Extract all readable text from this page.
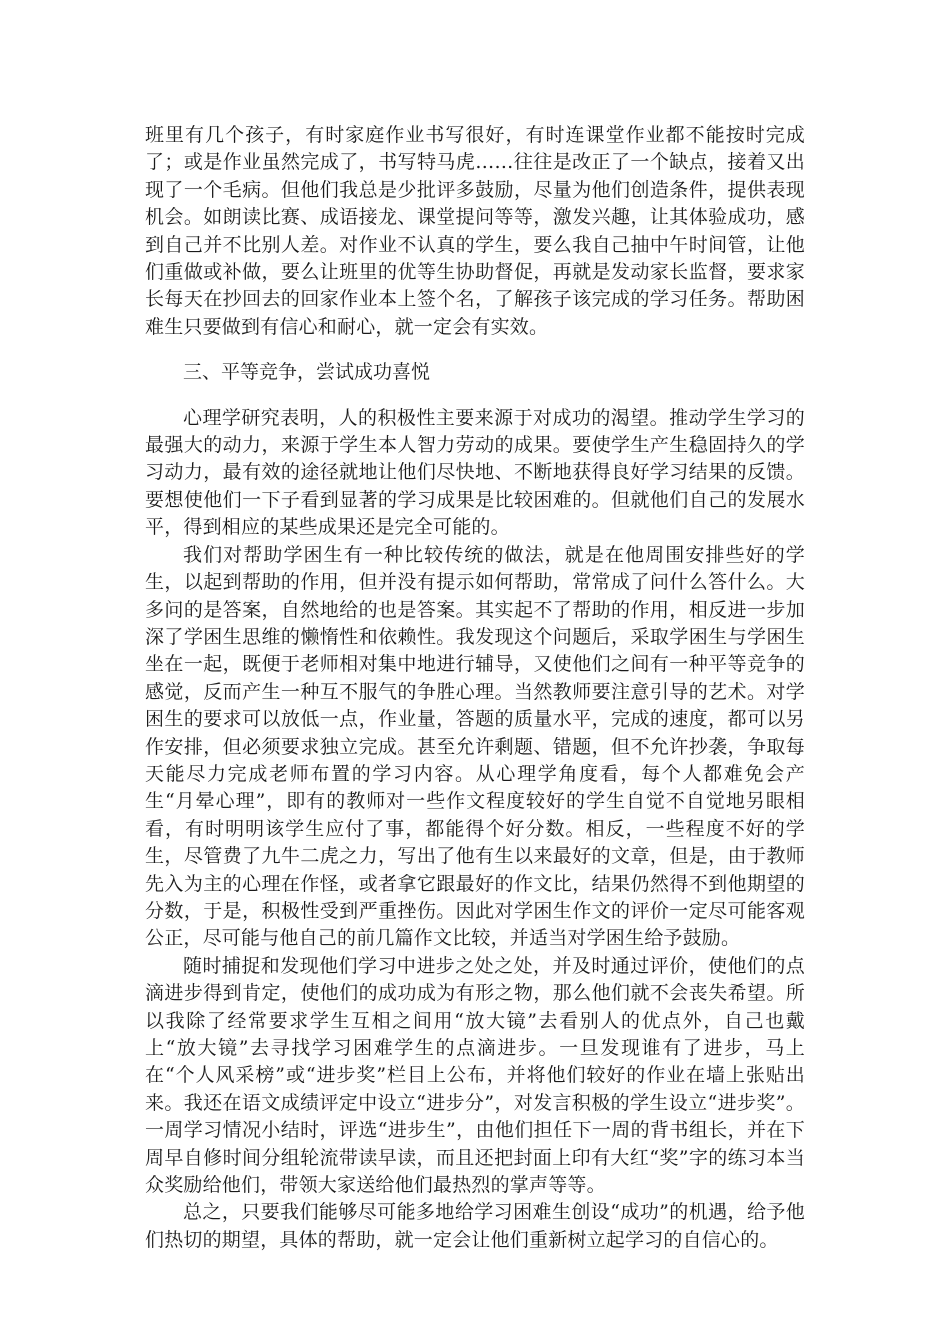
班里有几个孩子，有时家庭作业书写很好，有时连课堂作业都不能按时完成了；或是作业虽然完成了，书写特马虎……往往是改正了一个缺点，接着又出现了一个毛病。但他们我总是少批评多鼓励，尽量为他们创造条件，提供表现机会。如朗读比赛、成语接龙、课堂提问等等，激发兴趣，让其体验成功，感到自己并不比别人差。对作业不认真的学生，要么我自己抽中午时间管，让他们重做或补做，要么让班里的优等生协助督促，再就是发动家长监督，要求家长每天在抄回去的回家作业本上签个名，了解孩子该完成的学习任务。帮助困难生只要做到有信心和耐心，就一定会有实效。

三、平等竞争，尝试成功喜悦

心理学研究表明，人的积极性主要来源于对成功的渴望。推动学生学习的最强大的动力，来源于学生本人智力劳动的成果。要使学生产生稳固持久的学习动力，最有效的途径就地让他们尽快地、不断地获得良好学习结果的反馈。要想使他们一下子看到显著的学习成果是比较困难的。但就他们自己的发展水平，得到相应的某些成果还是完全可能的。

我们对帮助学困生有一种比较传统的做法，就是在他周围安排些好的学生，以起到帮助的作用，但并没有提示如何帮助，常常成了问什么答什么。大多问的是答案，自然地给的也是答案。其实起不了帮助的作用，相反进一步加深了学困生思维的懒惰性和依赖性。我发现这个问题后，采取学困生与学困生坐在一起，既便于老师相对集中地进行辅导，又使他们之间有一种平等竞争的感觉，反而产生一种互不服气的争胜心理。当然教师要注意引导的艺术。对学困生的要求可以放低一点，作业量，答题的质量水平，完成的速度，都可以另作安排，但必须要求独立完成。甚至允许剩题、错题，但不允许抄袭，争取每天能尽力完成老师布置的学习内容。从心理学角度看，每个人都难免会产生“月晕心理”，即有的教师对一些作文程度较好的学生自觉不自觉地另眼相看，有时明明该学生应付了事，都能得个好分数。相反，一些程度不好的学生，尽管费了九牛二虎之力，写出了他有生以来最好的文章，但是，由于教师先入为主的心理在作怪，或者拿它跟最好的作文比，结果仍然得不到他期望的分数，于是，积极性受到严重挫伤。因此对学困生作文的评价一定尽可能客观公正，尽可能与他自己的前几篇作文比较，并适当对学困生给予鼓励。

随时捕捉和发现他们学习中进步之处之处，并及时通过评价，使他们的点滴进步得到肯定，使他们的成功成为有形之物，那么他们就不会丧失希望。所以我除了经常要求学生互相之间用“放大镜”去看别人的优点外，自己也戴上“放大镜”去寻找学习困难学生的点滴进步。一旦发现谁有了进步，马上在“个人风采榜”或“进步奖”栏目上公布，并将他们较好的作业在墙上张贴出来。我还在语文成绩评定中设立“进步分”，对发言积极的学生设立“进步奖”。一周学习情况小结时，评选“进步生”，由他们担任下一周的背书组长，并在下周早自修时间分组轮流带读早读，而且还把封面上印有大红“奖”字的练习本当众奖励给他们，带领大家送给他们最热烈的掌声等等。

总之，只要我们能够尽可能多地给学习困难生创设“成功”的机遇，给予他们热切的期望，具体的帮助，就一定会让他们重新树立起学习的自信心的。
